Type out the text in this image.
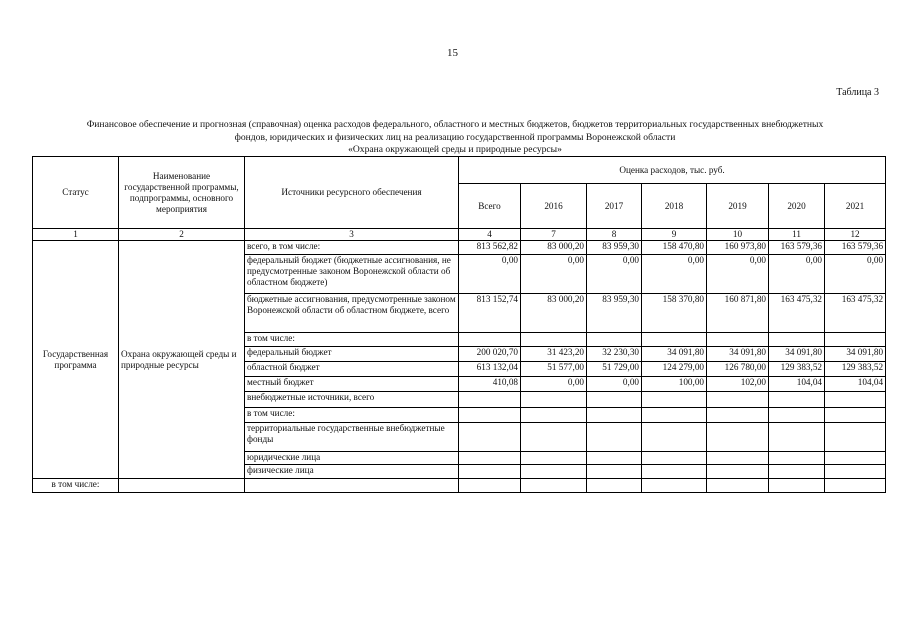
15
Таблица 3
Финансовое обеспечение и прогнозная (справочная) оценка расходов федерального, областного и местных бюджетов, бюджетов территориальных государственных внебюджетных
фондов, юридических и физических лиц на реализацию государственной программы Воронежской области
«Охрана окружающей среды и природные ресурсы»
Статус	Наименование государственной программы, подпрограммы, основного мероприятия	Источники ресурсного обеспечения	Оценка расходов, тыс. руб.						
			Всего	2016	2017	2018	2019	2020	2021
1	2	3	4	7	8	9	10	11	12
Государственная программа	Охрана окружающей среды и природные ресурсы	всего, в том числе:	813 562,82	83 000,20	83 959,30	158 470,80	160 973,80	163 579,36	163 579,36
		федеральный бюджет (бюджетные ассигнования, не предусмотренные законом Воронежской области об областном бюджете)	0,00	0,00	0,00	0,00	0,00	0,00	0,00
		бюджетные ассигнования, предусмотренные законом Воронежской области об областном бюджете, всего	813 152,74	83 000,20	83 959,30	158 370,80	160 871,80	163 475,32	163 475,32
		в том числе:							
		федеральный бюджет	200 020,70	31 423,20	32 230,30	34 091,80	34 091,80	34 091,80	34 091,80
		областной бюджет	613 132,04	51 577,00	51 729,00	124 279,00	126 780,00	129 383,52	129 383,52
		местный бюджет	410,08	0,00	0,00	100,00	102,00	104,04	104,04
		внебюджетные источники, всего							
		в том числе:							
		территориальные государственные внебюджетные фонды							
		юридические лица							
		физические лица							
в том числе:									
